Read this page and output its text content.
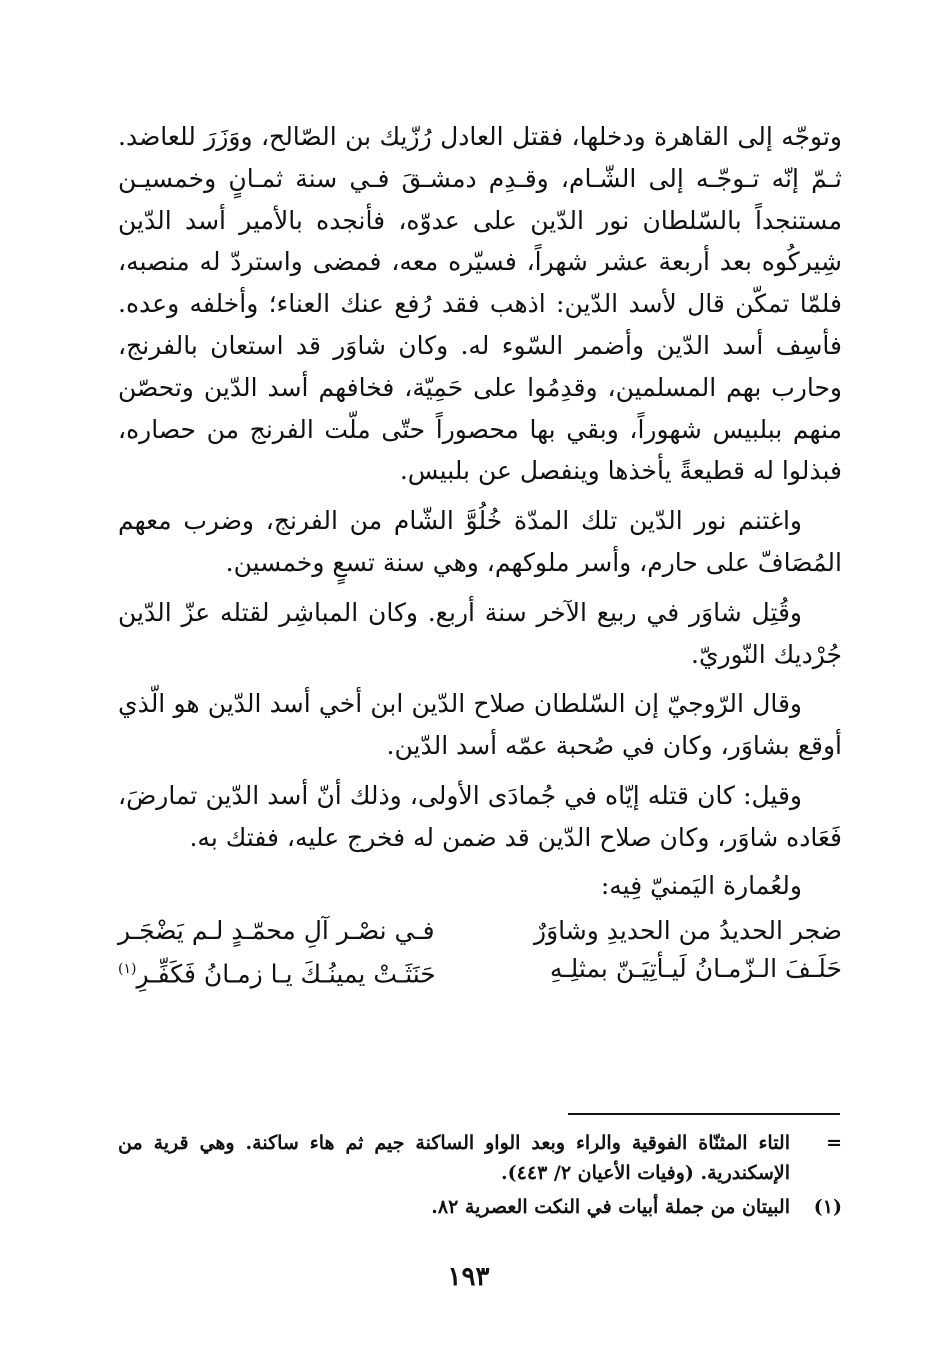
وتوجّه إلى القاهرة ودخلها، فقتل العادل رُزّيك بن الصّالح، ووَزَرَ للعاضد. ثـمّ إنّه تـوجّـه إلى الشّـام، وقـدِم دمشـقَ فـي سنة ثمـانٍ وخمسيـن مستنجداً بالسّلطان نور الدّين على عدوّه، فأنجده بالأمير أسد الدّين شِيركُوه بعد أربعة عشر شهراً، فسيّره معه، فمضى واستردّ له منصبه، فلمّا تمكّن قال لأسد الدّين: اذهب فقد رُفع عنك العناء؛ وأخلفه وعده. فأسِف أسد الدّين وأضمر السّوء له. وكان شاوَر قد استعان بالفرنج، وحارب بهم المسلمين، وقدِمُوا على حَمِيّة، فخافهم أسد الدّين وتحصّن منهم ببلبيس شهوراً، وبقي بها محصوراً حتّى ملّت الفرنج من حصاره، فبذلوا له قطيعةً يأخذها وينفصل عن بلبيس.

واغتنم نور الدّين تلك المدّة خُلُوَّ الشّام من الفرنج، وضرب معهم المُصَافّ على حارم، وأسر ملوكهم، وهي سنة تسعٍ وخمسين.

وقُتِل شاوَر في ربيع الآخر سنة أربع. وكان المباشِر لقتله عزّ الدّين جُرْديك النّوريّ.

وقال الرّوجيّ إن السّلطان صلاح الدّين ابن أخي أسد الدّين هو الّذي أوقع بشاوَر، وكان في صُحبة عمّه أسد الدّين.

وقيل: كان قتله إيّاه في جُمادَى الأولى، وذلك أنّ أسد الدّين تمارضَ، فَعَاده شاوَر، وكان صلاح الدّين قد ضمن له فخرج عليه، ففتك به.

ولعُمارة اليَمنيّ فِيه:

ضجر الحديدُ من الحديدِ وشاوَرٌ
فـي نصْـر آلِ محمّـدٍ لـم يَضْجَـر
حَلَـفَ الـزّمـانُ لَيـأتِيَـنّ بمثلِـهِ
حَنَثَـتْ يمينُـكَ يـا زمـانُ فَكَفِّـرِ$^{(١)}$
=
التاء المثنّاة الفوقية والراء وبعد الواو الساكنة جيم ثم هاء ساكنة. وهي قرية من الإسكندرية. (وفيات الأعيان ٢/ ٤٤٣).
(١)
البيتان من جملة أبيات في النكت العصرية ٨٢.
١٩٣
